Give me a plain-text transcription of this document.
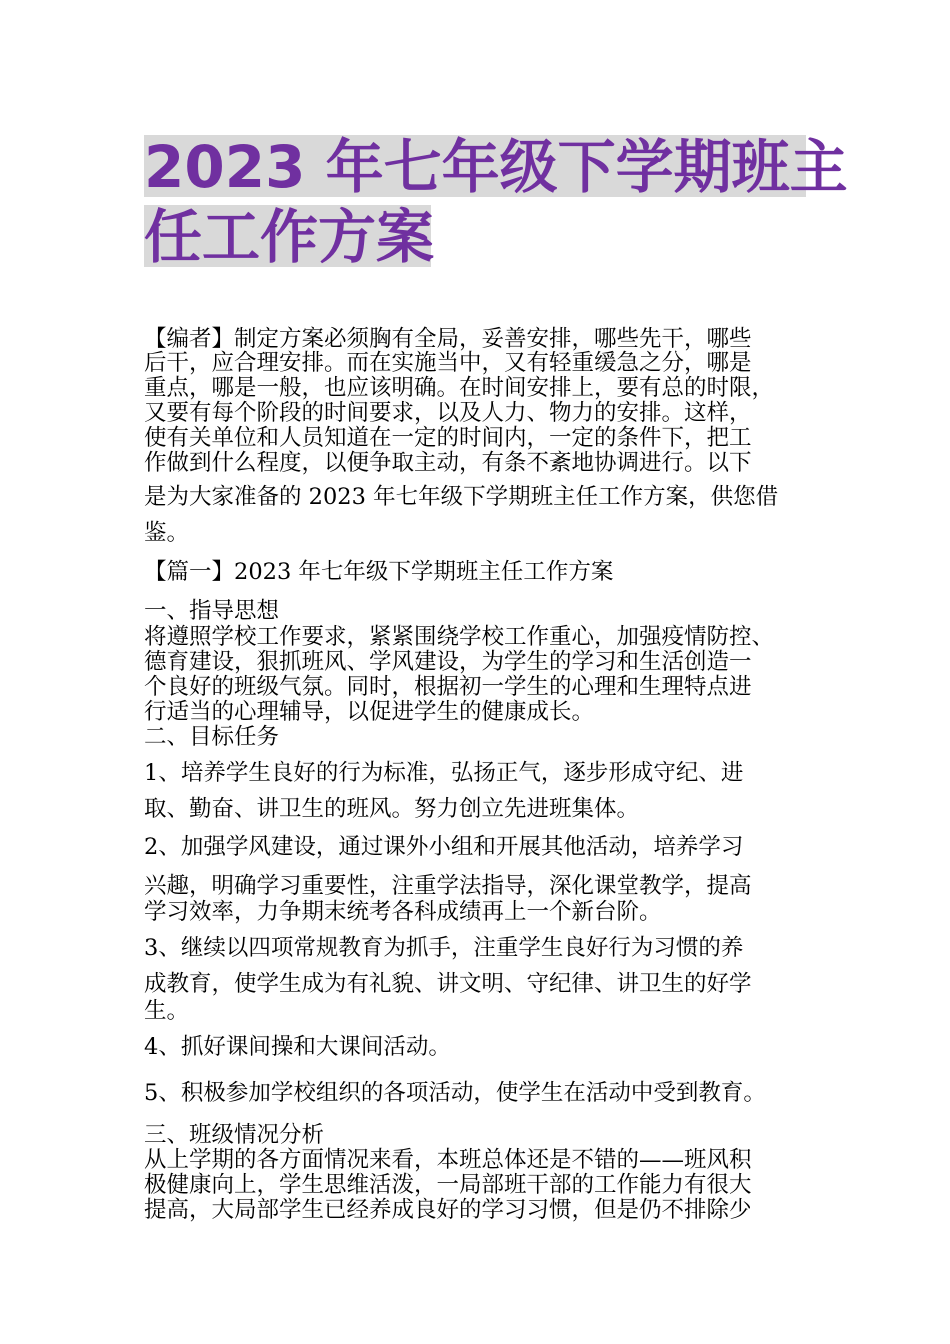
2023 年七年级下学期班主
任工作方案
【编者】制定方案必须胸有全局，妥善安排，哪些先干，哪些
后干，应合理安排。而在实施当中，又有轻重缓急之分，哪是
重点，哪是一般，也应该明确。在时间安排上，要有总的时限，
又要有每个阶段的时间要求，以及人力、物力的安排。这样，
使有关单位和人员知道在一定的时间内，一定的条件下，把工
作做到什么程度，以便争取主动，有条不紊地协调进行。以下
是为大家准备的 2023 年七年级下学期班主任工作方案，供您借
鉴。
【篇一】2023 年七年级下学期班主任工作方案
一、指导思想
将遵照学校工作要求，紧紧围绕学校工作重心，加强疫情防控、
德育建设，狠抓班风、学风建设，为学生的学习和生活创造一
个良好的班级气氛。同时，根据初一学生的心理和生理特点进
行适当的心理辅导，以促进学生的健康成长。
二、目标任务
1、培养学生良好的行为标准，弘扬正气，逐步形成守纪、进
取、勤奋、讲卫生的班风。努力创立先进班集体。
2、加强学风建设，通过课外小组和开展其他活动，培养学习
兴趣，明确学习重要性，注重学法指导，深化课堂教学，提高
学习效率，力争期末统考各科成绩再上一个新台阶。
3、继续以四项常规教育为抓手，注重学生良好行为习惯的养
成教育，使学生成为有礼貌、讲文明、守纪律、讲卫生的好学
生。
4、抓好课间操和大课间活动。
5、积极参加学校组织的各项活动，使学生在活动中受到教育。
三、班级情况分析
从上学期的各方面情况来看，本班总体还是不错的——班风积
极健康向上，学生思维活泼，一局部班干部的工作能力有很大
提高，大局部学生已经养成良好的学习习惯，但是仍不排除少
